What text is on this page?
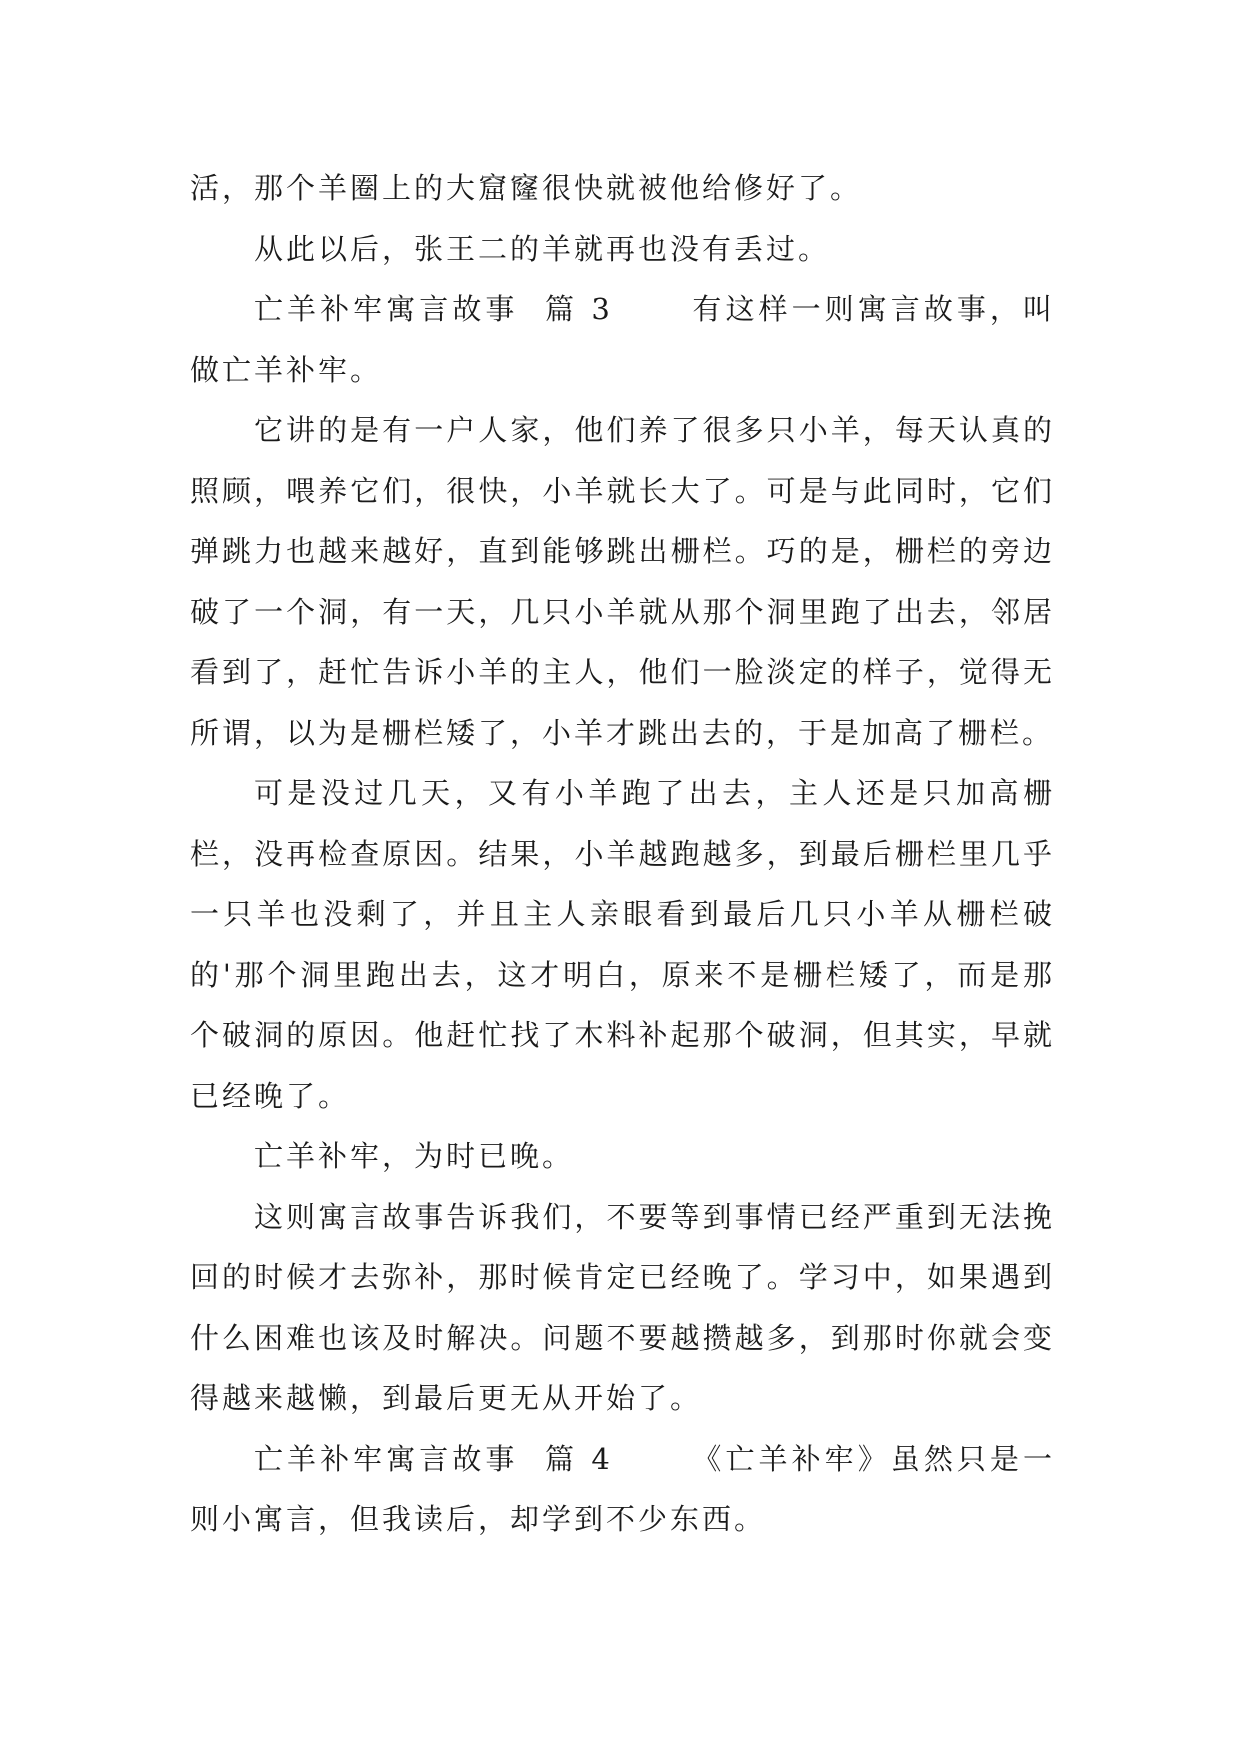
活，那个羊圈上的大窟窿很快就被他给修好了。

从此以后，张王二的羊就再也没有丢过。

亡羊补牢寓言故事  篇 3      有这样一则寓言故事，叫做亡羊补牢。

它讲的是有一户人家，他们养了很多只小羊，每天认真的照顾，喂养它们，很快，小羊就长大了。可是与此同时，它们弹跳力也越来越好，直到能够跳出栅栏。巧的是，栅栏的旁边破了一个洞，有一天，几只小羊就从那个洞里跑了出去，邻居看到了，赶忙告诉小羊的主人，他们一脸淡定的样子，觉得无所谓，以为是栅栏矮了，小羊才跳出去的，于是加高了栅栏。

可是没过几天，又有小羊跑了出去，主人还是只加高栅栏，没再检查原因。结果，小羊越跑越多，到最后栅栏里几乎一只羊也没剩了，并且主人亲眼看到最后几只小羊从栅栏破的'那个洞里跑出去，这才明白，原来不是栅栏矮了，而是那个破洞的原因。他赶忙找了木料补起那个破洞，但其实，早就已经晚了。

亡羊补牢，为时已晚。

这则寓言故事告诉我们，不要等到事情已经严重到无法挽回的时候才去弥补，那时候肯定已经晚了。学习中，如果遇到什么困难也该及时解决。问题不要越攒越多，到那时你就会变得越来越懒，到最后更无从开始了。

亡羊补牢寓言故事  篇 4      《亡羊补牢》虽然只是一则小寓言，但我读后，却学到不少东西。
